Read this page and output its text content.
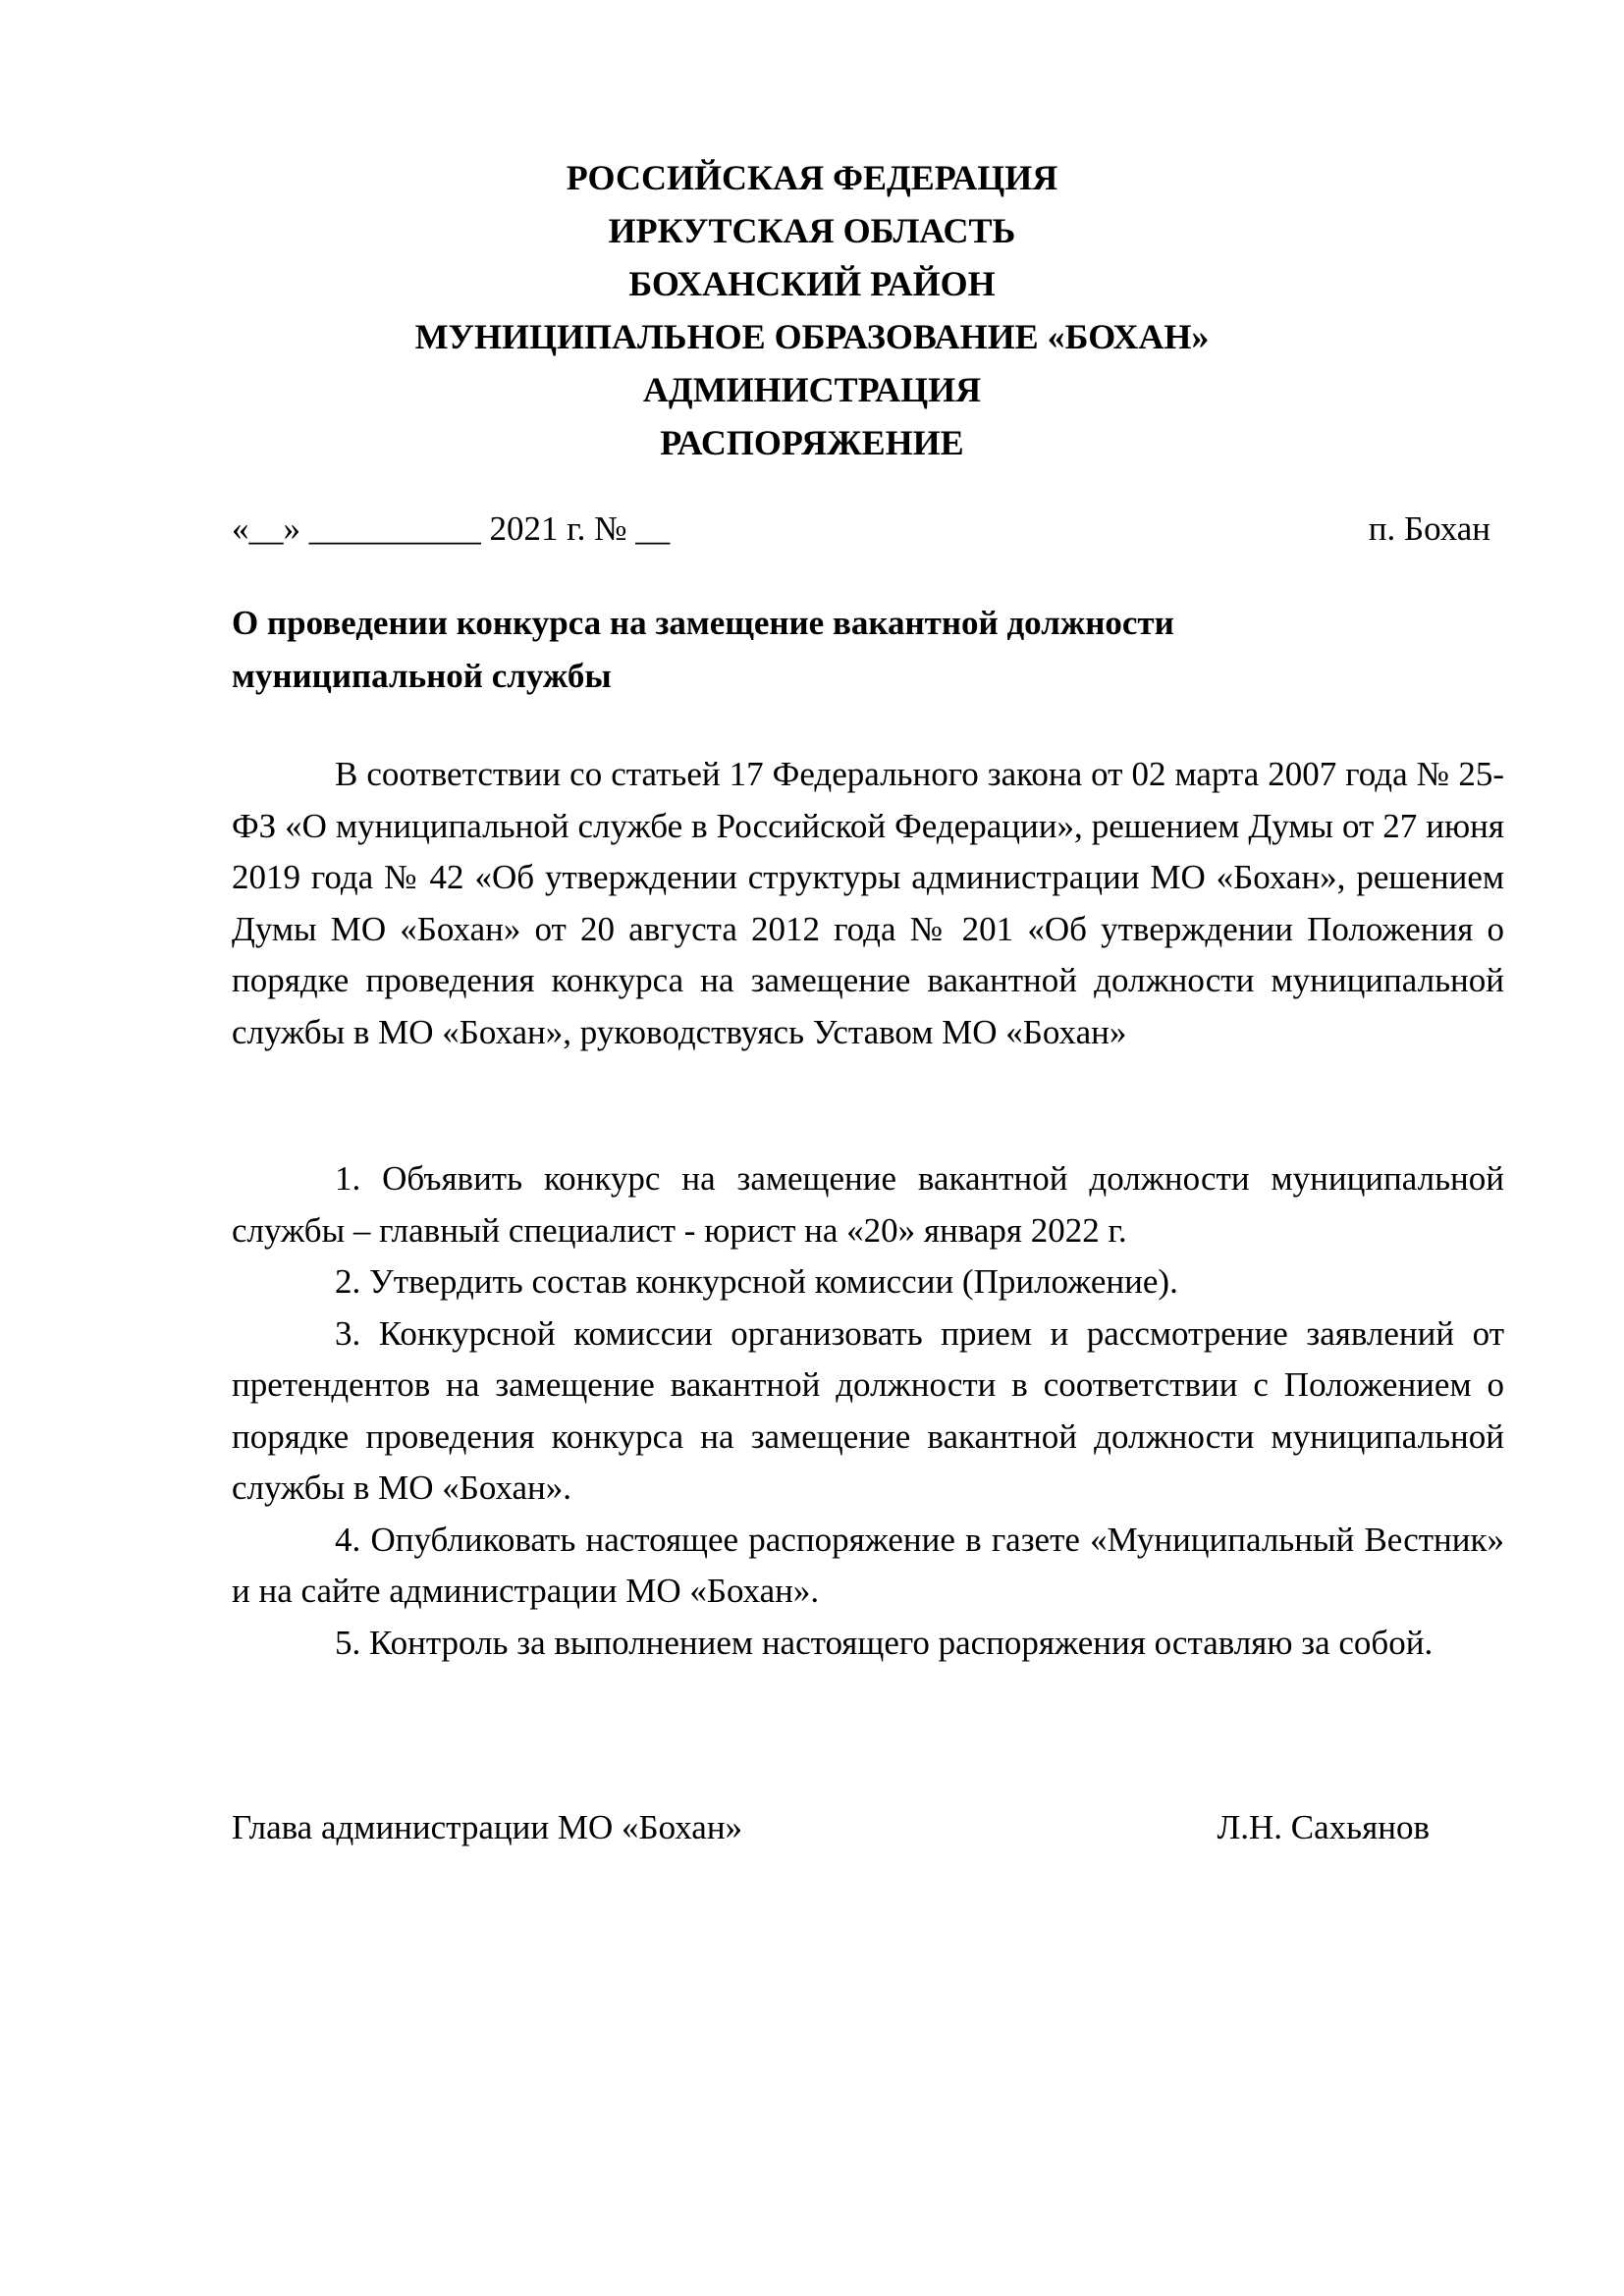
РОССИЙСКАЯ ФЕДЕРАЦИЯ
ИРКУТСКАЯ ОБЛАСТЬ
БОХАНСКИЙ РАЙОН
МУНИЦИПАЛЬНОЕ ОБРАЗОВАНИЕ «БОХАН»
АДМИНИСТРАЦИЯ
РАСПОРЯЖЕНИЕ
«__» __________ 2021 г. № __	п. Бохан
О проведении конкурса на замещение вакантной должности
муниципальной службы

В соответствии со статьей 17 Федерального закона от 02 марта 2007 года № 25-ФЗ «О муниципальной службе в Российской Федерации», решением Думы от 27 июня 2019 года № 42 «Об утверждении структуры администрации МО «Бохан», решением Думы МО «Бохан» от 20 августа 2012 года № 201 «Об утверждении Положения о порядке проведения конкурса на замещение вакантной должности муниципальной службы в МО «Бохан», руководствуясь Уставом МО «Бохан»

1. Объявить конкурс на замещение вакантной должности муниципальной службы – главный специалист - юрист на «20» января 2022 г.

2. Утвердить состав конкурсной комиссии (Приложение).

3. Конкурсной комиссии организовать прием и рассмотрение заявлений от претендентов на замещение вакантной должности в соответствии с Положением о порядке проведения конкурса на замещение вакантной должности муниципальной службы в МО «Бохан».

4. Опубликовать настоящее распоряжение в газете «Муниципальный Вестник» и на сайте администрации МО «Бохан».

5. Контроль за выполнением настоящего распоряжения оставляю за собой.

Глава администрации МО «Бохан»	Л.Н. Сахьянов
